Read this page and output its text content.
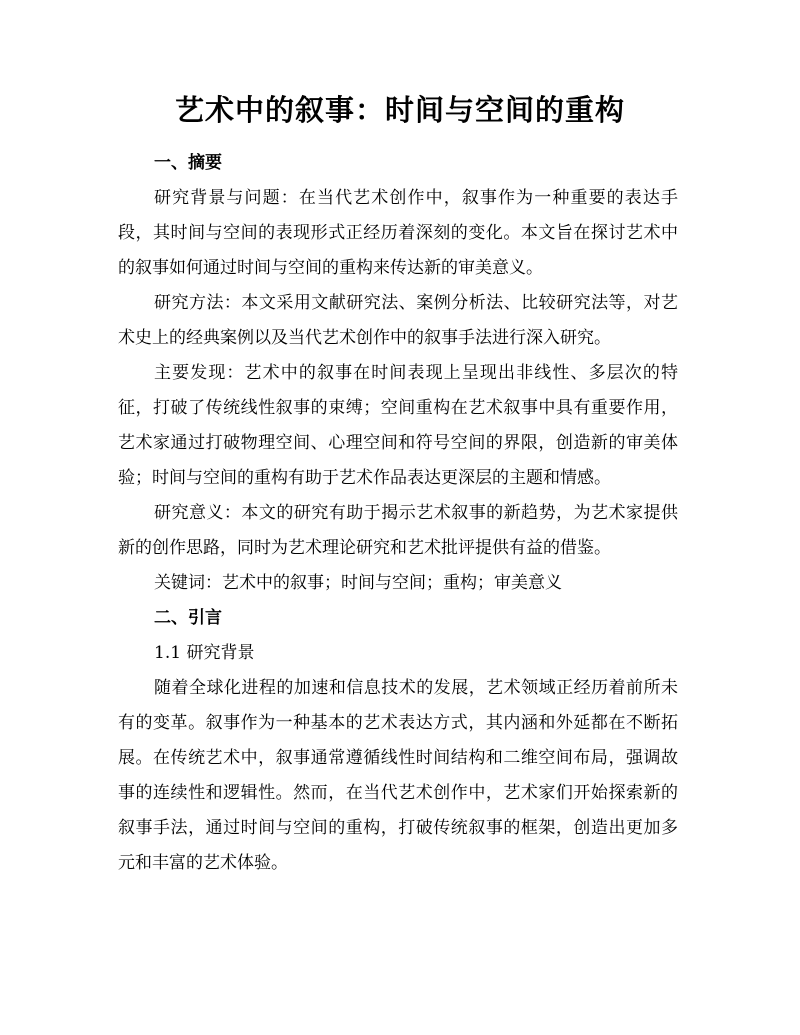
艺术中的叙事：时间与空间的重构

一、摘要

研究背景与问题：在当代艺术创作中，叙事作为一种重要的表达手段，其时间与空间的表现形式正经历着深刻的变化。本文旨在探讨艺术中的叙事如何通过时间与空间的重构来传达新的审美意义。

研究方法：本文采用文献研究法、案例分析法、比较研究法等，对艺术史上的经典案例以及当代艺术创作中的叙事手法进行深入研究。

主要发现：艺术中的叙事在时间表现上呈现出非线性、多层次的特征，打破了传统线性叙事的束缚；空间重构在艺术叙事中具有重要作用，艺术家通过打破物理空间、心理空间和符号空间的界限，创造新的审美体验；时间与空间的重构有助于艺术作品表达更深层的主题和情感。

研究意义：本文的研究有助于揭示艺术叙事的新趋势，为艺术家提供新的创作思路，同时为艺术理论研究和艺术批评提供有益的借鉴。

关键词：艺术中的叙事；时间与空间；重构；审美意义

二、引言

1.1 研究背景

随着全球化进程的加速和信息技术的发展，艺术领域正经历着前所未有的变革。叙事作为一种基本的艺术表达方式，其内涵和外延都在不断拓展。在传统艺术中，叙事通常遵循线性时间结构和二维空间布局，强调故事的连续性和逻辑性。然而，在当代艺术创作中，艺术家们开始探索新的叙事手法，通过时间与空间的重构，打破传统叙事的框架，创造出更加多元和丰富的艺术体验。
